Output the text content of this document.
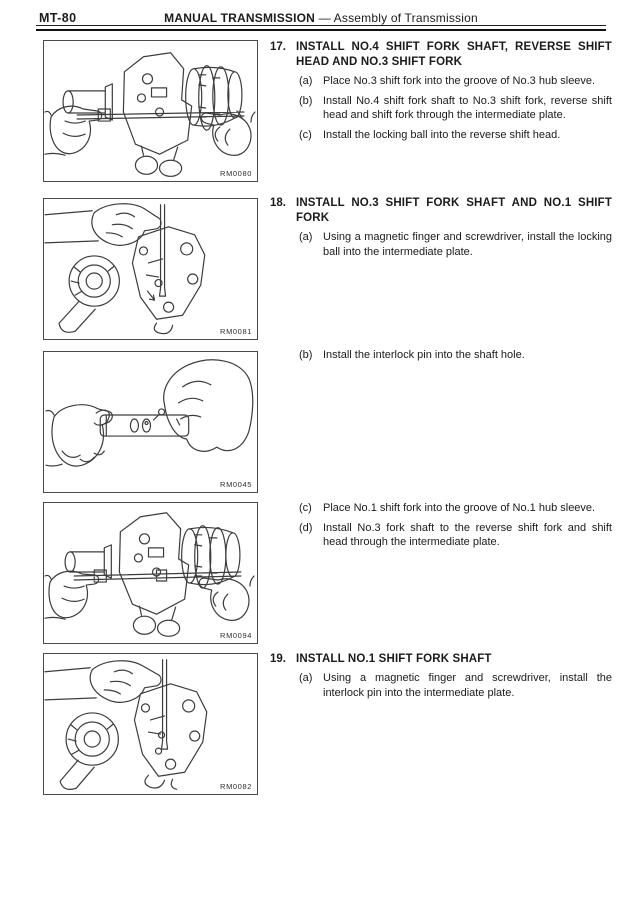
MT-80	MANUAL TRANSMISSION — Assembly of Transmission
RM0080
RM0081
RM0045
RM0094
RM0082
17. INSTALL NO.4 SHIFT FORK SHAFT, REVERSE SHIFT HEAD AND NO.3 SHIFT FORK
(a) Place No.3 shift fork into the groove of No.3 hub sleeve.

(b) Install No.4 shift fork shaft to No.3 shift fork, reverse shift head and shift fork through the intermediate plate.

(c)	Install the locking ball into the reverse shift head.

18. INSTALL NO.3 SHIFT FORK SHAFT AND NO.1 SHIFT FORK
(a) Using a magnetic finger and screwdriver, install the locking ball into the intermediate plate.

(b) Install the interlock pin into the shaft hole.

(c)	Place No.1 shift fork into the groove of No.1 hub sleeve.

(d) Install No.3 fork shaft to the reverse shift fork and shift head through the intermediate plate.

19. INSTALL NO.1 SHIFT FORK SHAFT
(a) Using a magnetic finger and screwdriver, install the interlock pin into the intermediate plate.
